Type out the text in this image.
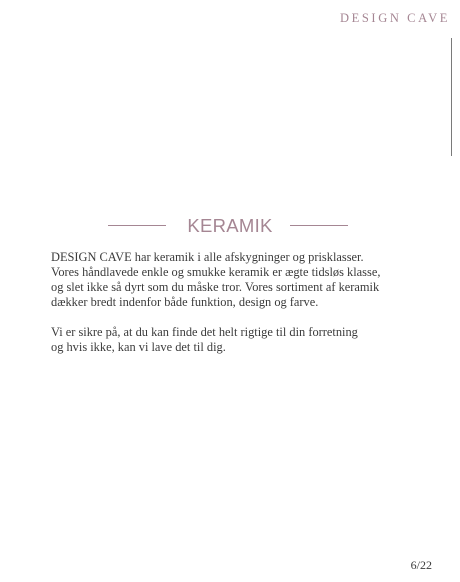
DESIGN CAVE
KERAMIK

DESIGN CAVE har keramik i alle afskygninger og prisklasser.
Vores håndlavede enkle og smukke keramik er ægte tidsløs klasse,
og slet ikke så dyrt som du måske tror. Vores sortiment af keramik
dækker bredt indenfor både funktion, design og farve.

Vi er sikre på, at du kan finde det helt rigtige til din forretning
og hvis ikke, kan vi lave det til dig.

6/22
